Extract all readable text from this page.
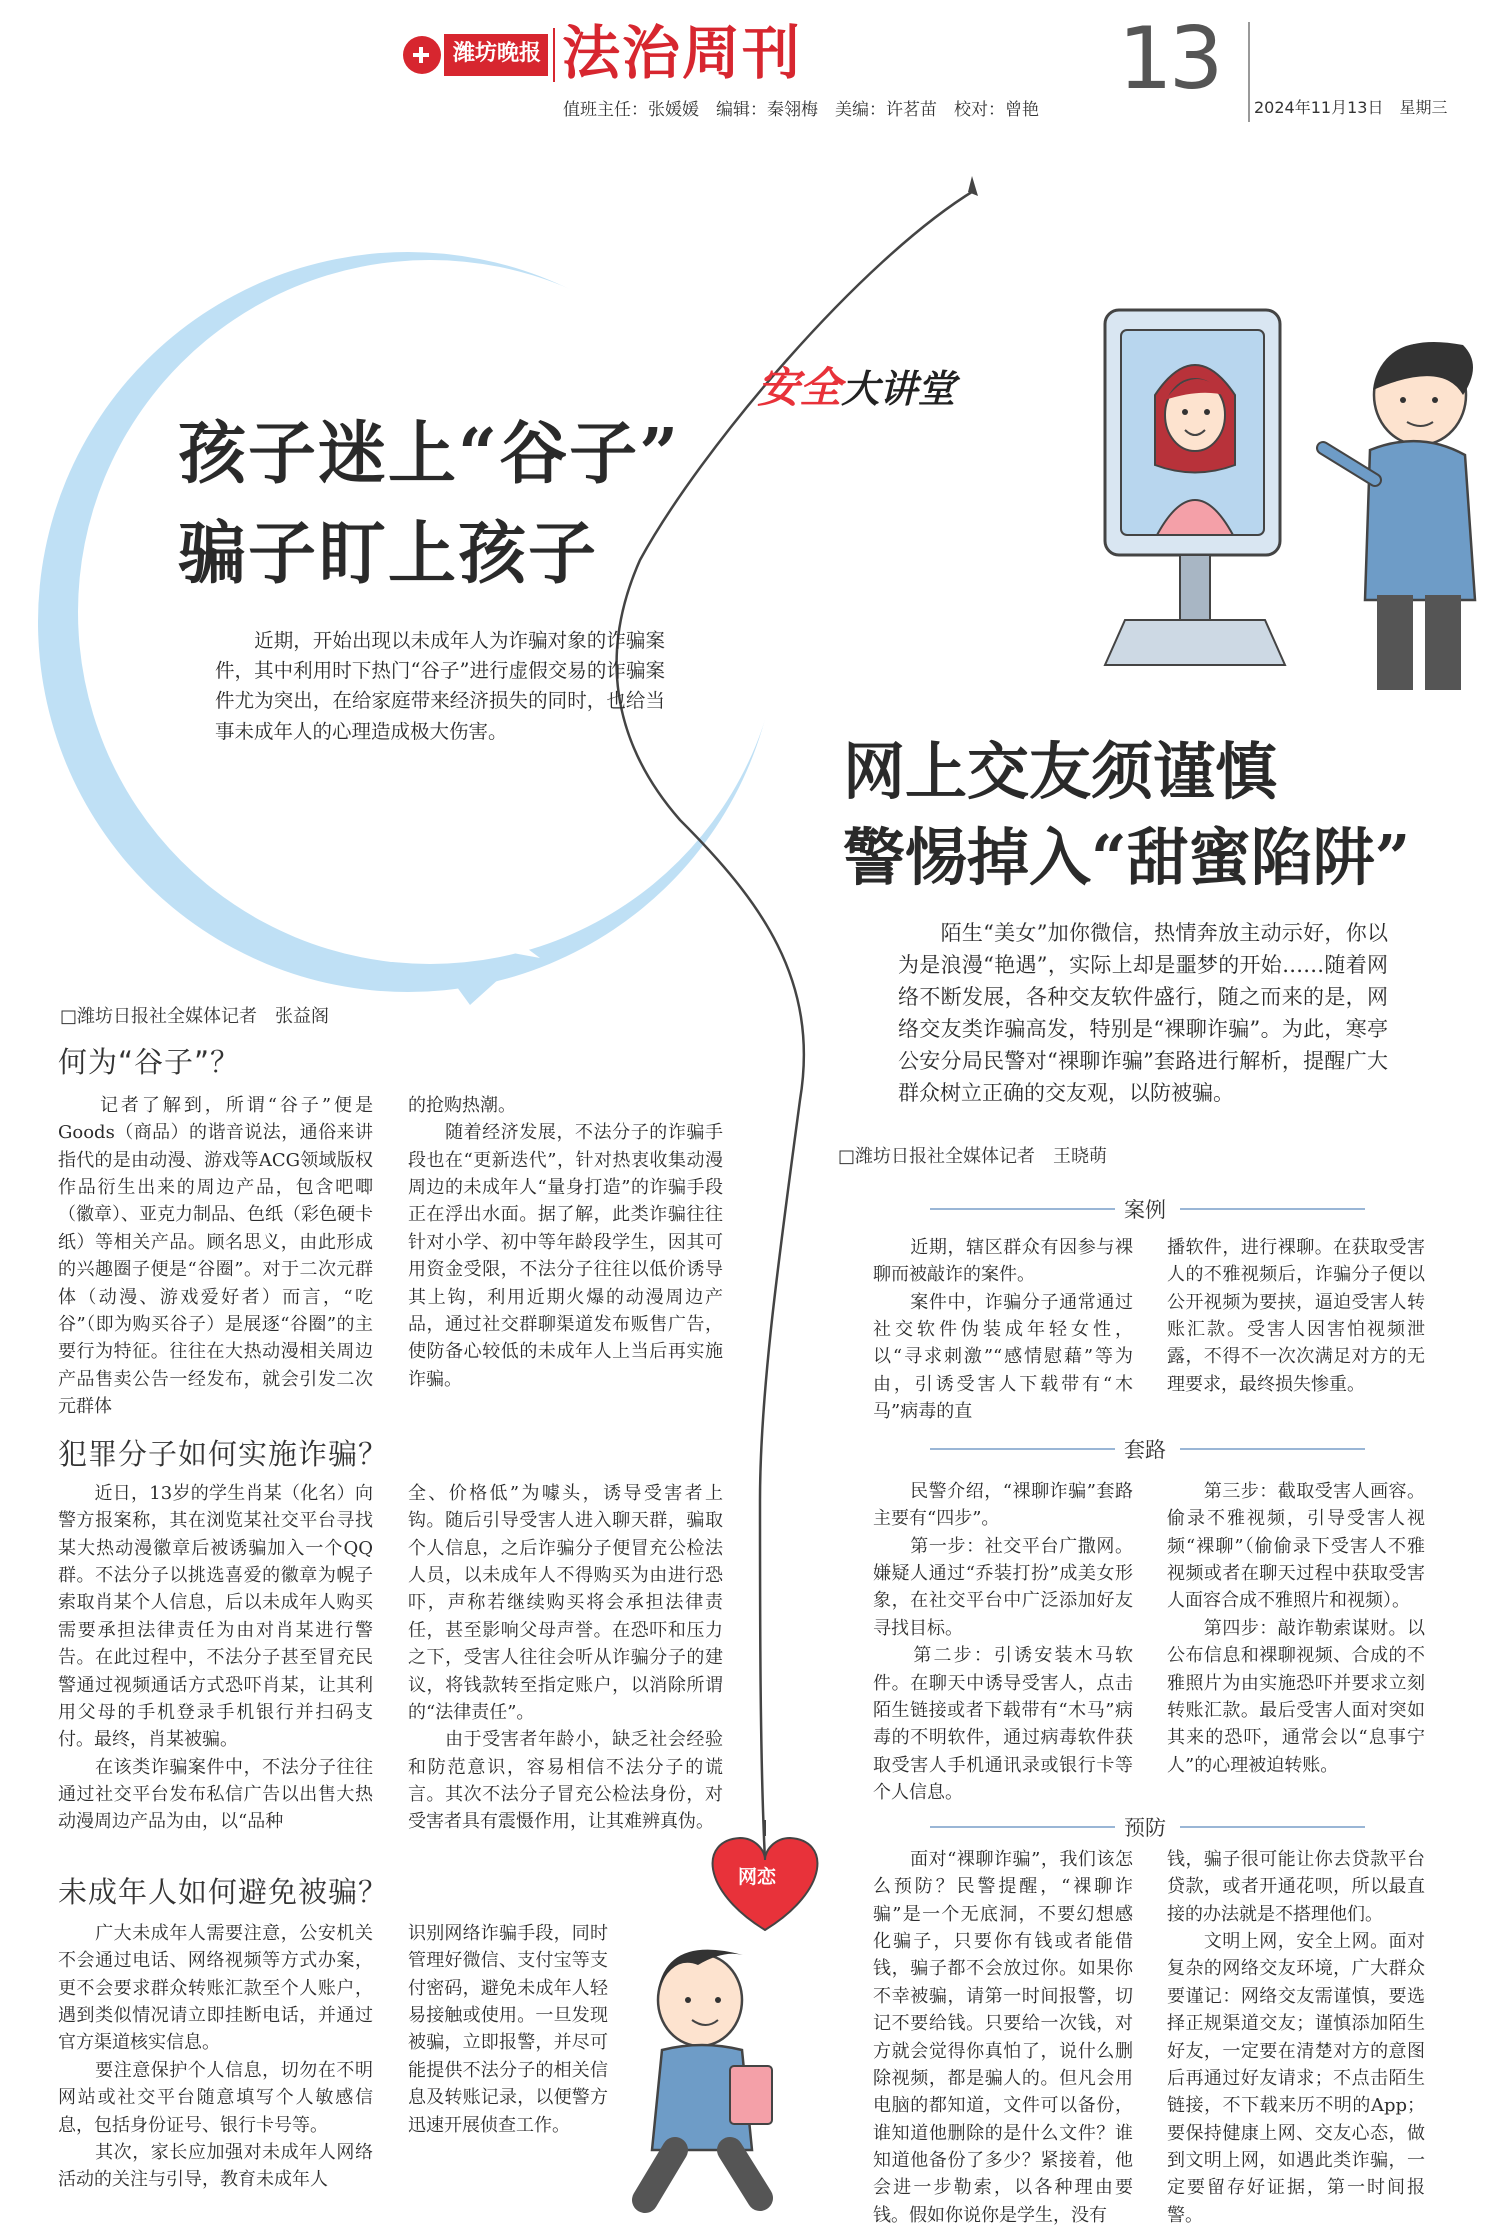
潍坊晚报 法治周刊
值班主任：张媛媛　编辑：秦翎梅　美编：许茗苗　校对：曾艳
13 2024年11月13日　星期三
孩子迷上“谷子”
骗子盯上孩子

　　近期，开始出现以未成年人为诈骗对象的诈骗案件，其中利用时下热门“谷子”进行虚假交易的诈骗案件尤为突出，在给家庭带来经济损失的同时，也给当事未成年人的心理造成极大伤害。

□潍坊日报社全媒体记者　张益阁
何为“谷子”？

　　记者了解到，所谓“谷子”便是Goods（商品）的谐音说法，通俗来讲指代的是由动漫、游戏等ACG领域版权作品衍生出来的周边产品，包含吧唧（徽章）、亚克力制品、色纸（彩色硬卡纸）等相关产品。顾名思义，由此形成的兴趣圈子便是“谷圈”。对于二次元群体（动漫、游戏爱好者）而言，“吃谷”（即为购买谷子）是展逐“谷圈”的主要行为特征。往往在大热动漫相关周边产品售卖公告一经发布，就会引发二次元群体

的抢购热潮。
　　随着经济发展，不法分子的诈骗手段也在“更新迭代”，针对热衷收集动漫周边的未成年人“量身打造”的诈骗手段正在浮出水面。据了解，此类诈骗往往针对小学、初中等年龄段学生，因其可用资金受限，不法分子往往以低价诱导其上钩，利用近期火爆的动漫周边产品，通过社交群聊渠道发布贩售广告，使防备心较低的未成年人上当后再实施诈骗。

犯罪分子如何实施诈骗？

　　近日，13岁的学生肖某（化名）向警方报案称，其在浏览某社交平台寻找某大热动漫徽章后被诱骗加入一个QQ群。不法分子以挑选喜爱的徽章为幌子索取肖某个人信息，后以未成年人购买需要承担法律责任为由对肖某进行警告。在此过程中，不法分子甚至冒充民警通过视频通话方式恐吓肖某，让其利用父母的手机登录手机银行并扫码支付。最终，肖某被骗。
　　在该类诈骗案件中，不法分子往往通过社交平台发布私信广告以出售大热动漫周边产品为由，以“品种

全、价格低”为噱头，诱导受害者上钩。随后引导受害人进入聊天群，骗取个人信息，之后诈骗分子便冒充公检法人员，以未成年人不得购买为由进行恐吓，声称若继续购买将会承担法律责任，甚至影响父母声誉。在恐吓和压力之下，受害人往往会听从诈骗分子的建议，将钱款转至指定账户，以消除所谓的“法律责任”。
　　由于受害者年龄小，缺乏社会经验和防范意识，容易相信不法分子的谎言。其次不法分子冒充公检法身份，对受害者具有震慑作用，让其难辨真伪。

未成年人如何避免被骗？

　　广大未成年人需要注意，公安机关不会通过电话、网络视频等方式办案，更不会要求群众转账汇款至个人账户，遇到类似情况请立即挂断电话，并通过官方渠道核实信息。
　　要注意保护个人信息，切勿在不明网站或社交平台随意填写个人敏感信息，包括身份证号、银行卡号等。
　　其次，家长应加强对未成年人网络活动的关注与引导，教育未成年人

识别网络诈骗手段，同时管理好微信、支付宝等支付密码，避免未成年人轻易接触或使用。一旦发现被骗，立即报警，并尽可能提供不法分子的相关信息及转账记录，以便警方迅速开展侦查工作。

安全大讲堂

网上交友须谨慎
警惕掉入“甜蜜陷阱”

　　陌生“美女”加你微信，热情奔放主动示好，你以为是浪漫“艳遇”，实际上却是噩梦的开始……随着网络不断发展，各种交友软件盛行，随之而来的是，网络交友类诈骗高发，特别是“裸聊诈骗”。为此，寒亭公安分局民警对“裸聊诈骗”套路进行解析，提醒广大群众树立正确的交友观，以防被骗。

□潍坊日报社全媒体记者　王晓萌
案例

　　近期，辖区群众有因参与裸聊而被敲诈的案件。
　　案件中，诈骗分子通常通过社交软件伪装成年轻女性，以“寻求刺激”“感情慰藉”等为由，引诱受害人下载带有“木马”病毒的直

播软件，进行裸聊。在获取受害人的不雅视频后，诈骗分子便以公开视频为要挟，逼迫受害人转账汇款。受害人因害怕视频泄露，不得不一次次满足对方的无理要求，最终损失惨重。

套路

　　民警介绍，“裸聊诈骗”套路主要有“四步”。
　　第一步：社交平台广撒网。嫌疑人通过“乔装打扮”成美女形象，在社交平台中广泛添加好友寻找目标。
　　第二步：引诱安装木马软件。在聊天中诱导受害人，点击陌生链接或者下载带有“木马”病毒的不明软件，通过病毒软件获取受害人手机通讯录或银行卡等个人信息。

　　第三步：截取受害人画容。偷录不雅视频，引导受害人视频“裸聊”（偷偷录下受害人不雅视频或者在聊天过程中获取受害人面容合成不雅照片和视频）。
　　第四步：敲诈勒索谋财。以公布信息和裸聊视频、合成的不雅照片为由实施恐吓并要求立刻转账汇款。最后受害人面对突如其来的恐吓，通常会以“息事宁人”的心理被迫转账。

预防

　　面对“裸聊诈骗”，我们该怎么预防？民警提醒，“裸聊诈骗”是一个无底洞，不要幻想感化骗子，只要你有钱或者能借钱，骗子都不会放过你。如果你不幸被骗，请第一时间报警，切记不要给钱。只要给一次钱，对方就会觉得你真怕了，说什么删除视频，都是骗人的。但凡会用电脑的都知道，文件可以备份，谁知道他删除的是什么文件？谁知道他备份了多少？紧接着，他会进一步勒索，以各种理由要钱。假如你说你是学生，没有

钱，骗子很可能让你去贷款平台贷款，或者开通花呗，所以最直接的办法就是不搭理他们。
　　文明上网，安全上网。面对复杂的网络交友环境，广大群众要谨记：网络交友需谨慎，要选择正规渠道交友；谨慎添加陌生好友，一定要在清楚对方的意图后再通过好友请求；不点击陌生链接，不下载来历不明的App；要保持健康上网、交友心态，做到文明上网，如遇此类诈骗，一定要留存好证据，第一时间报警。

网恋
